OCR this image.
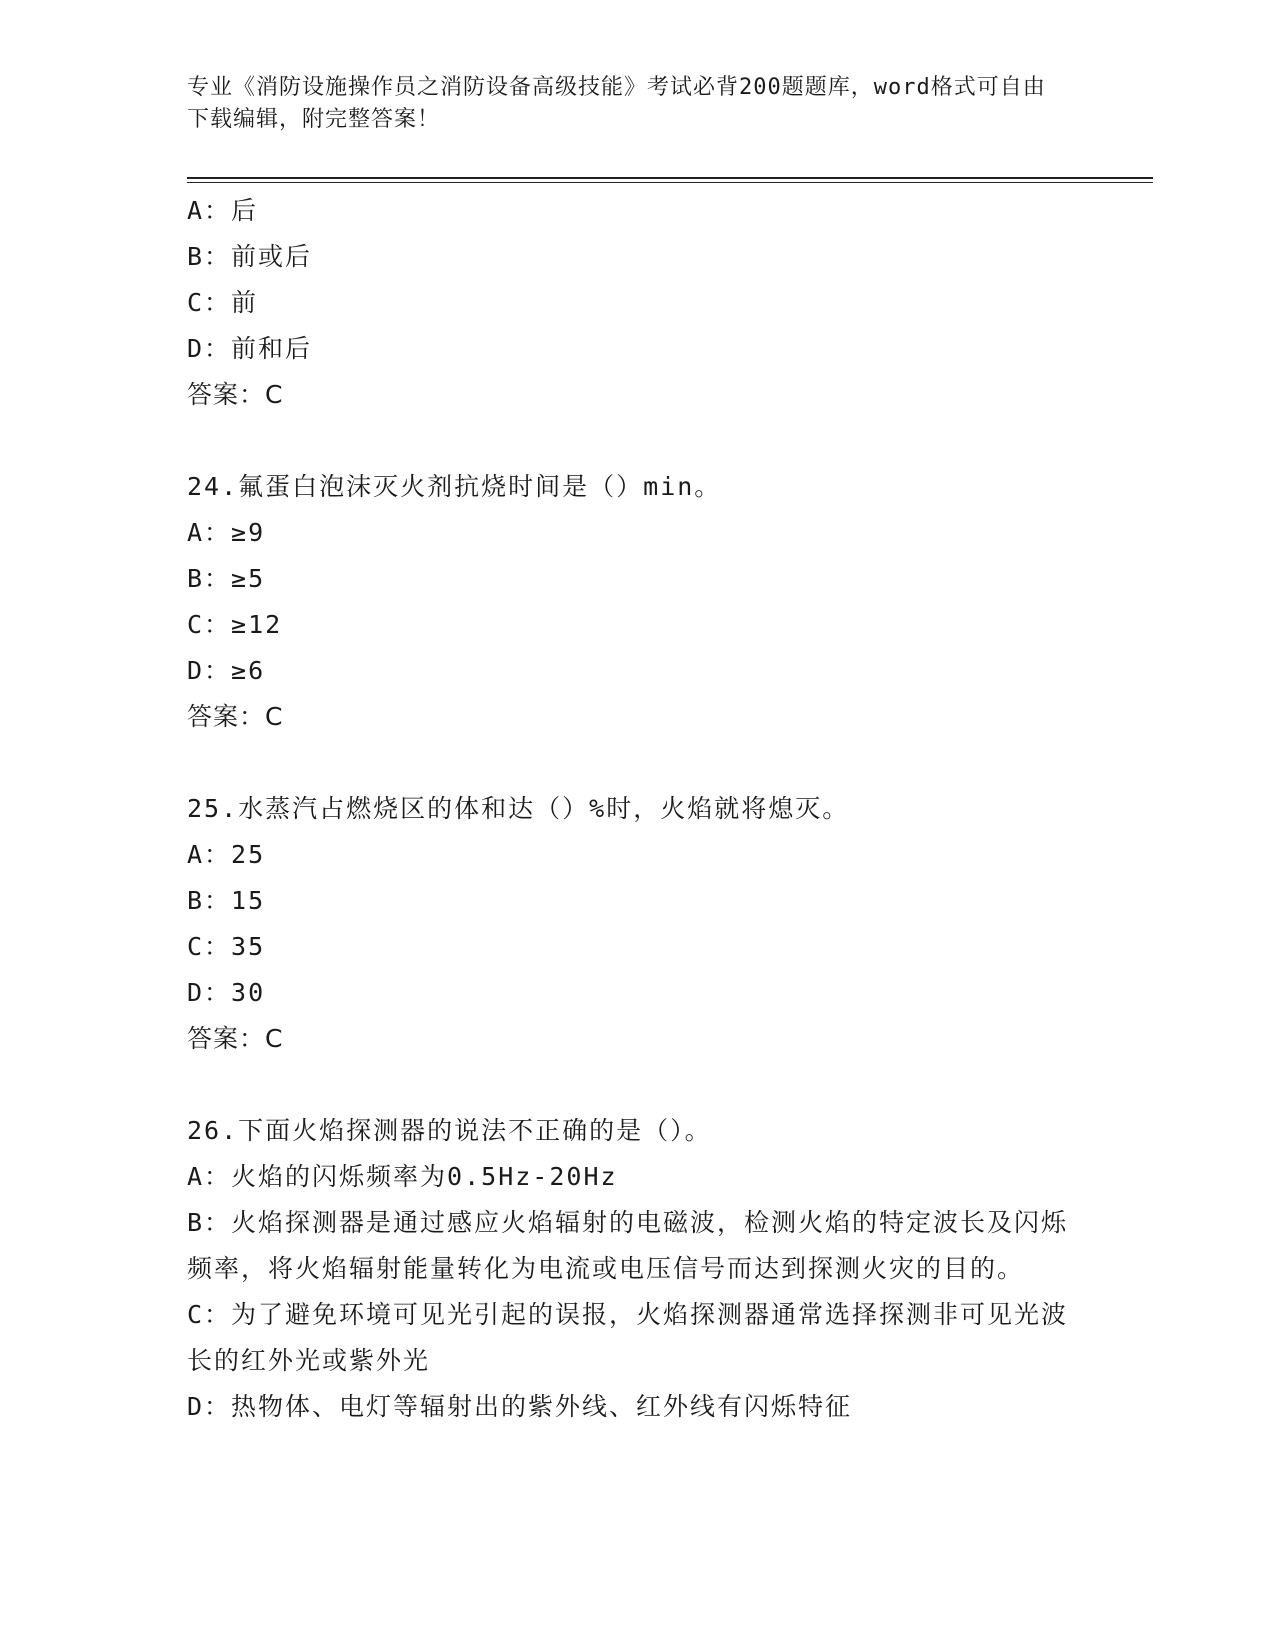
专业《消防设施操作员之消防设备高级技能》考试必背200题题库，word格式可自由下载编辑，附完整答案！
A：后
B：前或后
C：前
D：前和后
答案：C
24.氟蛋白泡沫灭火剂抗烧时间是（）min。
A：≥9
B：≥5
C：≥12
D：≥6
答案：C
25.水蒸汽占燃烧区的体和达（）%时，火焰就将熄灭。
A：25
B：15
C：35
D：30
答案：C
26.下面火焰探测器的说法不正确的是（）。
A：火焰的闪烁频率为0.5Hz-20Hz
B：火焰探测器是通过感应火焰辐射的电磁波，检测火焰的特定波长及闪烁频率，将火焰辐射能量转化为电流或电压信号而达到探测火灾的目的。
C：为了避免环境可见光引起的误报，火焰探测器通常选择探测非可见光波长的红外光或紫外光
D：热物体、电灯等辐射出的紫外线、红外线有闪烁特征
